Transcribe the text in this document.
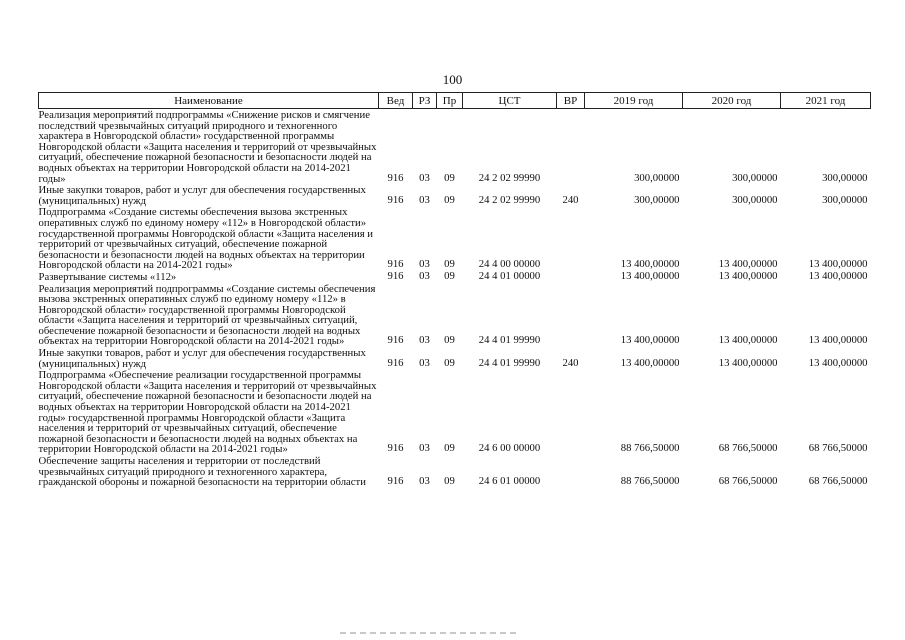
100
Наименование	Вед	РЗ	Пр	ЦСТ	ВР	2019 год	2020 год	2021 год
Реализация мероприятий подпрограммы «Снижение рисков и смягчение последствий чрезвычайных ситуаций природного и техногенного характера в Новгородской области» государственной программы Новгородской области «Защита населения и территорий от чрезвычайных ситуаций, обеспечение пожарной безопасности и безопасности людей на водных объектах на территории Новгородской области на 2014-2021 годы»	916	03	09	24 2 02 99990		300,00000	300,00000	300,00000
Иные закупки товаров, работ и услуг для обеспечения государственных (муниципальных) нужд	916	03	09	24 2 02 99990	240	300,00000	300,00000	300,00000
Подпрограмма «Создание системы обеспечения вызова экстренных оперативных служб по единому номеру «112» в Новгородской области» государственной программы Новгородской области «Защита населения и территорий от чрезвычайных ситуаций, обеспечение пожарной безопасности и безопасности людей на водных объектах на территории Новгородской области на 2014-2021 годы»	916	03	09	24 4 00 00000		13 400,00000	13 400,00000	13 400,00000
Развертывание системы «112»	916	03	09	24 4 01 00000		13 400,00000	13 400,00000	13 400,00000
Реализация мероприятий подпрограммы «Создание системы обеспечения вызова экстренных оперативных служб по единому номеру «112» в Новгородской области» государственной программы Новгородской области «Защита населения и территорий от чрезвычайных ситуаций, обеспечение пожарной безопасности и безопасности людей на водных объектах на территории Новгородской области на 2014-2021 годы»	916	03	09	24 4 01 99990		13 400,00000	13 400,00000	13 400,00000
Иные закупки товаров, работ и услуг для обеспечения государственных (муниципальных) нужд	916	03	09	24 4 01 99990	240	13 400,00000	13 400,00000	13 400,00000
Подпрограмма «Обеспечение реализации государственной программы Новгородской области «Защита населения и территорий от чрезвычайных ситуаций, обеспечение пожарной безопасности и безопасности людей на водных объектах на территории Новгородской области на 2014-2021 годы» государственной программы Новгородской области «Защита населения и территорий от чрезвычайных ситуаций, обеспечение пожарной безопасности и безопасности людей на водных объектах на территории Новгородской области на 2014-2021 годы»	916	03	09	24 6 00 00000		88 766,50000	68 766,50000	68 766,50000
Обеспечение защиты населения и территории от последствий чрезвычайных ситуаций природного и техногенного характера, гражданской обороны и пожарной безопасности на территории области	916	03	09	24 6 01 00000		88 766,50000	68 766,50000	68 766,50000
